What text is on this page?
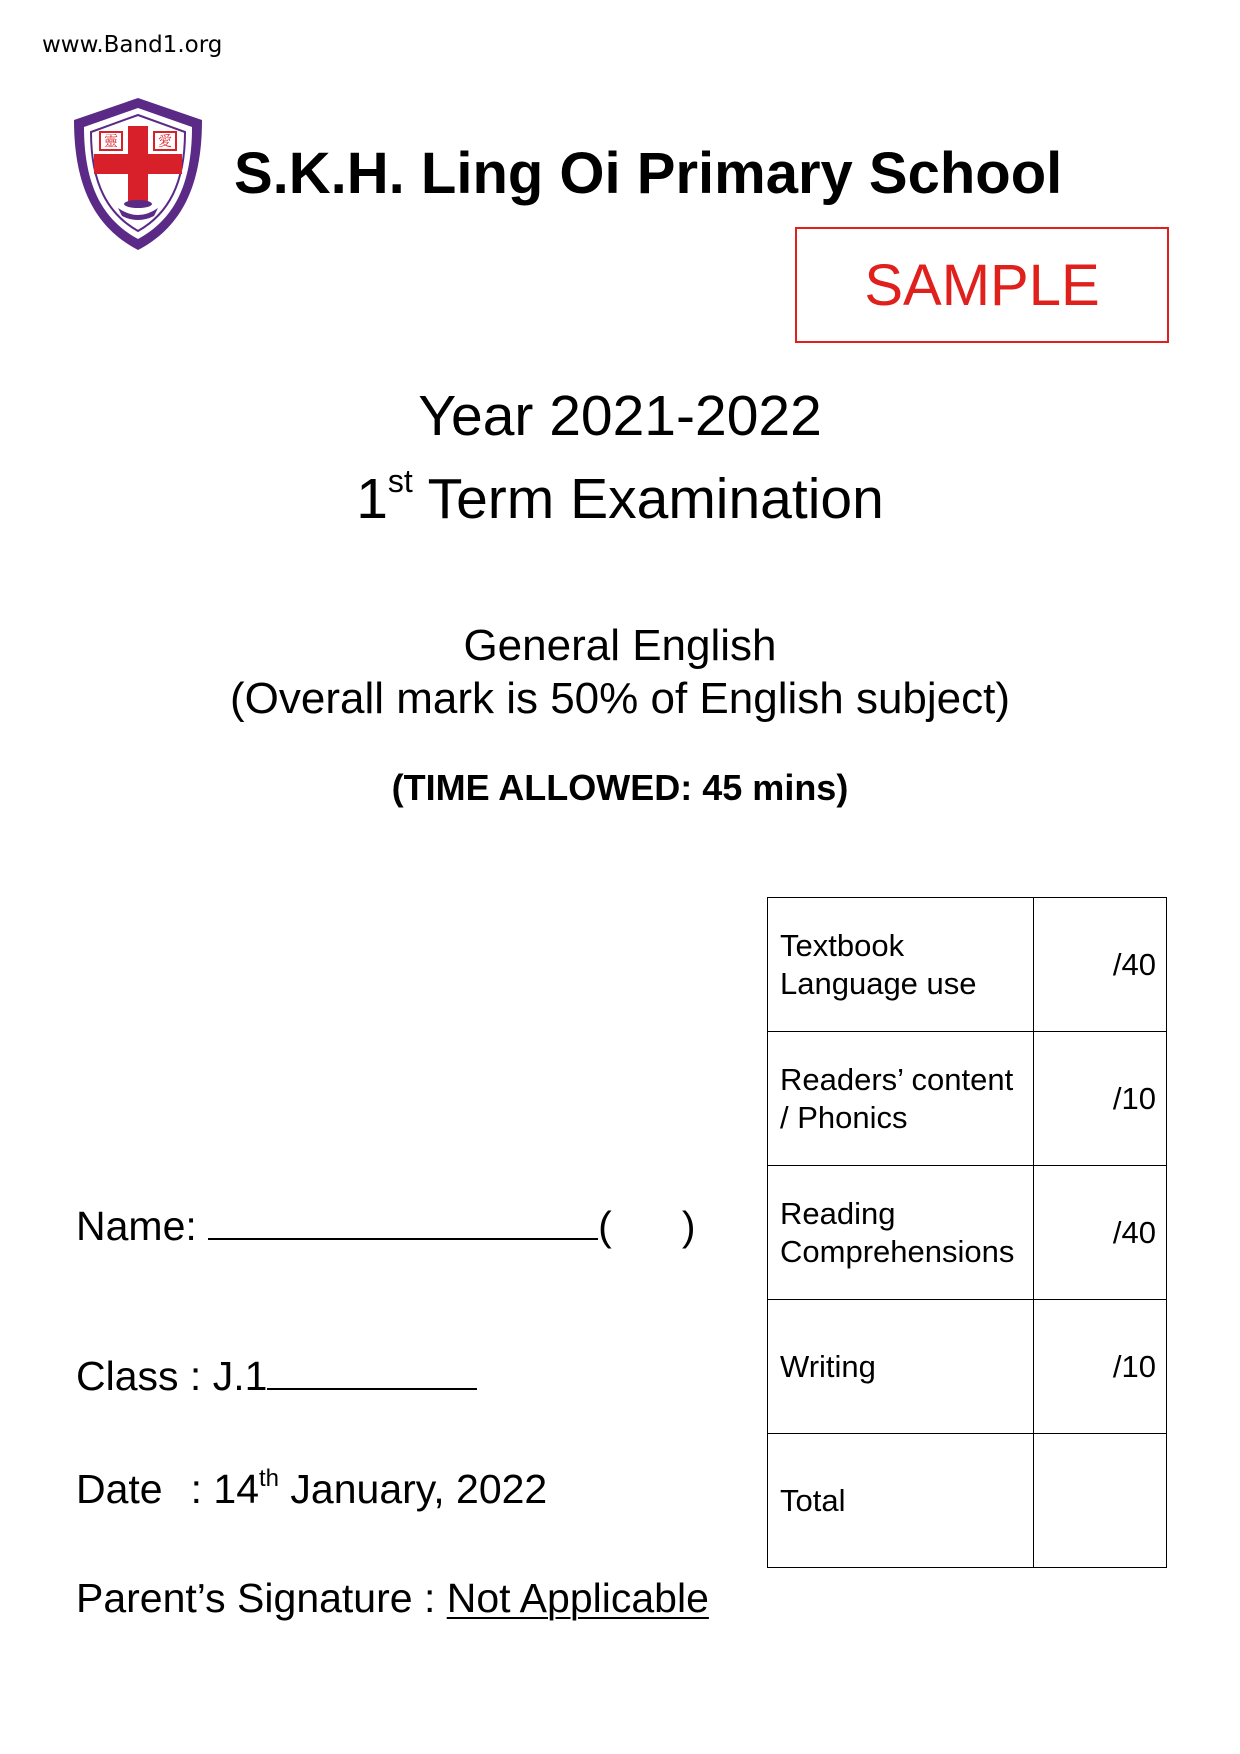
www.Band1.org
靈	愛 S.K.H. Ling Oi Primary School
SAMPLE
Year 2021-2022
1st Term Examination
General English
(Overall mark is 50% of English subject)
(TIME ALLOWED: 45 mins)
Name:	( )
Class : J.1
Date : 14th January, 2022
Parent’s Signature : Not Applicable
Textbook
Language use	/40

Readers’ content
/ Phonics	/10

Reading
Comprehensions	/40

Writing	/10

Total	
